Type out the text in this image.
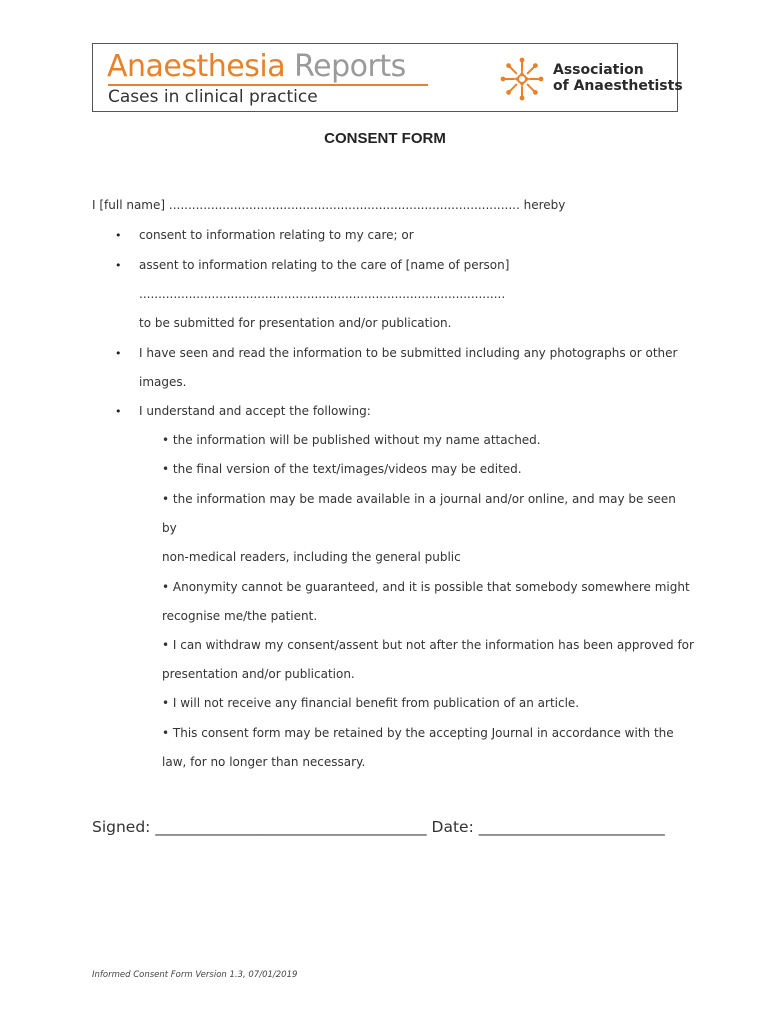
Anaesthesia Reports
Cases in clinical practice
Association
of Anaesthetists
CONSENT FORM
I [full name] ............................................................................................ hereby
• consent to information relating to my care; or
• assent to information relating to the care of [name of person]
................................................................................................
to be submitted for presentation and/or publication.
• I have seen and read the information to be submitted including any photographs or other
images.
• I understand and accept the following:
• the information will be published without my name attached.
• the final version of the text/images/videos may be edited.
• the information may be made available in a journal and/or online, and may be seen
by
non-medical readers, including the general public
• Anonymity cannot be guaranteed, and it is possible that somebody somewhere might
recognise me/the patient.
• I can withdraw my consent/assent but not after the information has been approved for
presentation and/or publication.
• I will not receive any financial benefit from publication of an article.
• This consent form may be retained by the accepting Journal in accordance with the
law, for no longer than necessary.
Signed: ___________________________________ Date: ________________________
Informed Consent Form Version 1.3, 07/01/2019
